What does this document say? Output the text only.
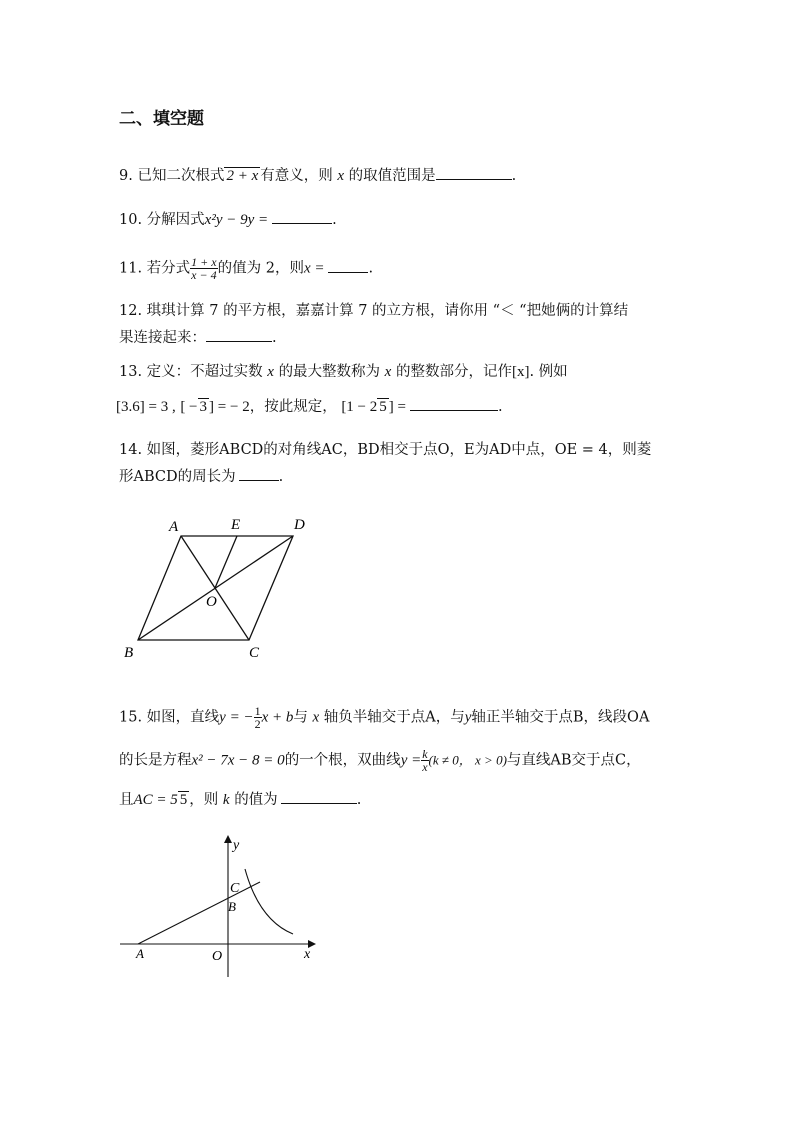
二、填空题
9. 已知二次根式 2 + x 有意义，则 x 的取值范围是	.
10. 分解因式x²y − 9y =	.
11. 若分式 $\frac{1 + x}{x - 4}$ 的值为 2，则x =	.
12. 琪琪计算 7 的平方根，嘉嘉计算 7 的立方根，请你用 “＜ “把她俩的计算结
果连接起来：	.
13. 定义：不超过实数 x 的最大整数称为 x 的整数部分，记作[x]. 例如
[3.6] = 3 , [ − 3 ] = − 2，按此规定， [1 − 2 5 ] =	.
14. 如图，菱形ABCD的对角线AC，BD相交于点O，E为AD中点，OE = 4，则菱
形ABCD的周长为	.
A	E	D
O
B	C
15. 如图，直线y = − $\frac{1}{2}$ x + b与 x 轴负半轴交于点A，与y轴正半轴交于点B，线段OA
的长是方程x² − 7x − 8 = 0的一个根，双曲线$y = \frac{k}{x} (k \ne 0$， x > 0)与直线AB交于点C，
且AC = 5 5 ，则 k 的值为	.
y
x
C
B
A	O
